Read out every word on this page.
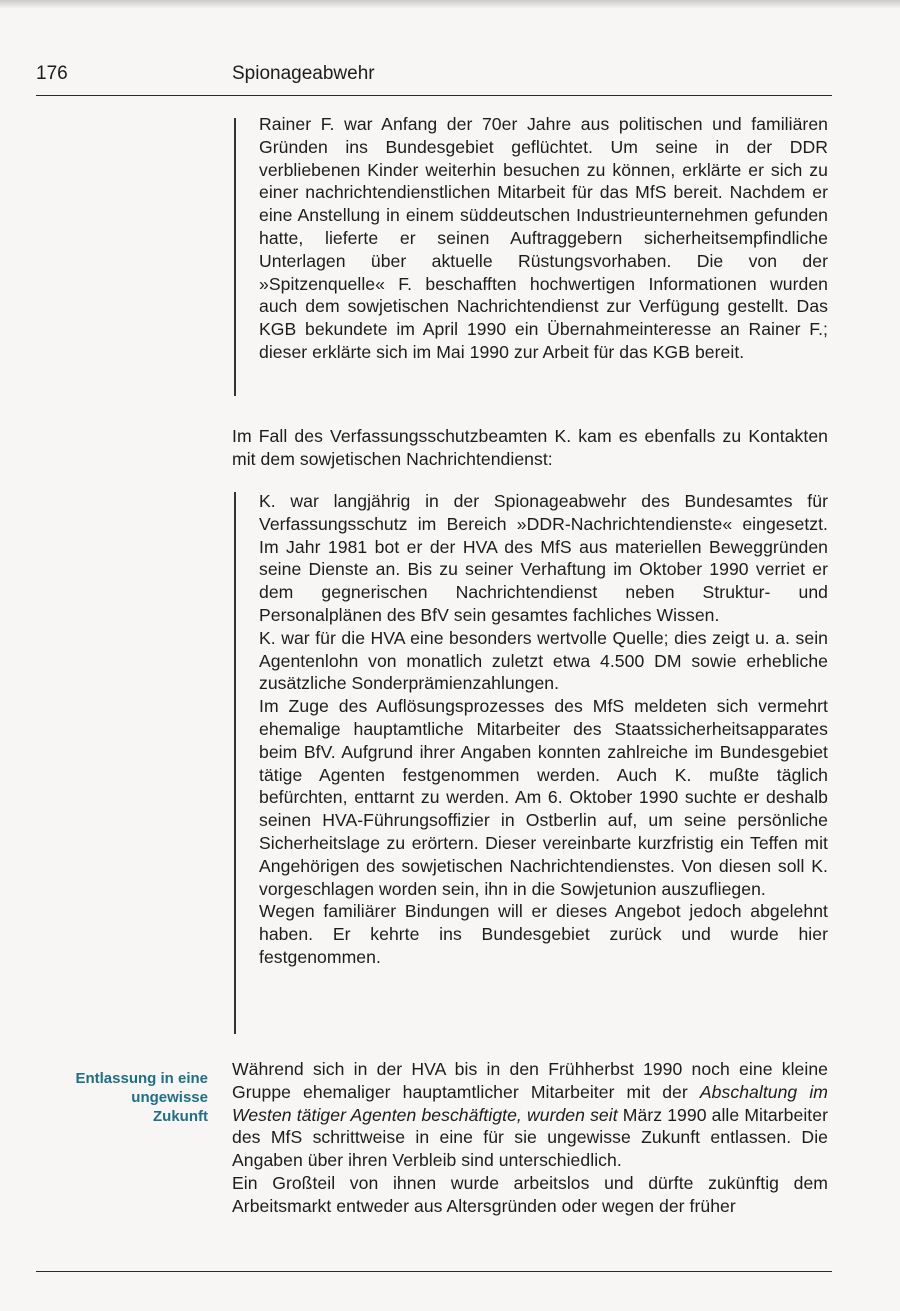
176	Spionageabwehr

Rainer F. war Anfang der 70er Jahre aus politischen und familiären Gründen ins Bundesgebiet geflüchtet. Um seine in der DDR verbliebenen Kinder weiterhin besuchen zu können, erklärte er sich zu einer nachrichtendienstlichen Mitarbeit für das MfS bereit. Nachdem er eine Anstellung in einem süddeutschen Industrieunternehmen gefunden hatte, lieferte er seinen Auftraggebern sicherheitsempfindliche Unterlagen über aktuelle Rüstungsvorhaben. Die von der »Spitzenquelle« F. beschafften hochwertigen Informationen wurden auch dem sowjetischen Nachrichtendienst zur Verfügung gestellt. Das KGB bekundete im April 1990 ein Übernahmeinteresse an Rainer F.; dieser erklärte sich im Mai 1990 zur Arbeit für das KGB bereit.

Im Fall des Verfassungsschutzbeamten K. kam es ebenfalls zu Kontakten mit dem sowjetischen Nachrichtendienst:

K. war langjährig in der Spionageabwehr des Bundesamtes für Verfassungsschutz im Bereich »DDR-Nachrichtendienste« eingesetzt. Im Jahr 1981 bot er der HVA des MfS aus materiellen Beweggründen seine Dienste an. Bis zu seiner Verhaftung im Oktober 1990 verriet er dem gegnerischen Nachrichtendienst neben Struktur- und Personalplänen des BfV sein gesamtes fachliches Wissen.

K. war für die HVA eine besonders wertvolle Quelle; dies zeigt u. a. sein Agentenlohn von monatlich zuletzt etwa 4.500 DM sowie erhebliche zusätzliche Sonderprämienzahlungen.

Im Zuge des Auflösungsprozesses des MfS meldeten sich vermehrt ehemalige hauptamtliche Mitarbeiter des Staatssicherheitsapparates beim BfV. Aufgrund ihrer Angaben konnten zahlreiche im Bundesgebiet tätige Agenten festgenommen werden. Auch K. mußte täglich befürchten, enttarnt zu werden. Am 6. Oktober 1990 suchte er deshalb seinen HVA-Führungsoffizier in Ostberlin auf, um seine persönliche Sicherheitslage zu erörtern. Dieser vereinbarte kurzfristig ein Teffen mit Angehörigen des sowjetischen Nachrichtendienstes. Von diesen soll K. vorgeschlagen worden sein, ihn in die Sowjetunion auszufliegen.

Wegen familiärer Bindungen will er dieses Angebot jedoch abgelehnt haben. Er kehrte ins Bundesgebiet zurück und wurde hier festgenommen.

Entlassung in eine
ungewisse
Zukunft

Während sich in der HVA bis in den Frühherbst 1990 noch eine kleine Gruppe ehemaliger hauptamtlicher Mitarbeiter mit der Abschaltung im Westen tätiger Agenten beschäftigte, wurden seit März 1990 alle Mitarbeiter des MfS schrittweise in eine für sie ungewisse Zukunft entlassen. Die Angaben über ihren Verbleib sind unterschiedlich.

Ein Großteil von ihnen wurde arbeitslos und dürfte zukünftig dem Arbeitsmarkt entweder aus Altersgründen oder wegen der früher
